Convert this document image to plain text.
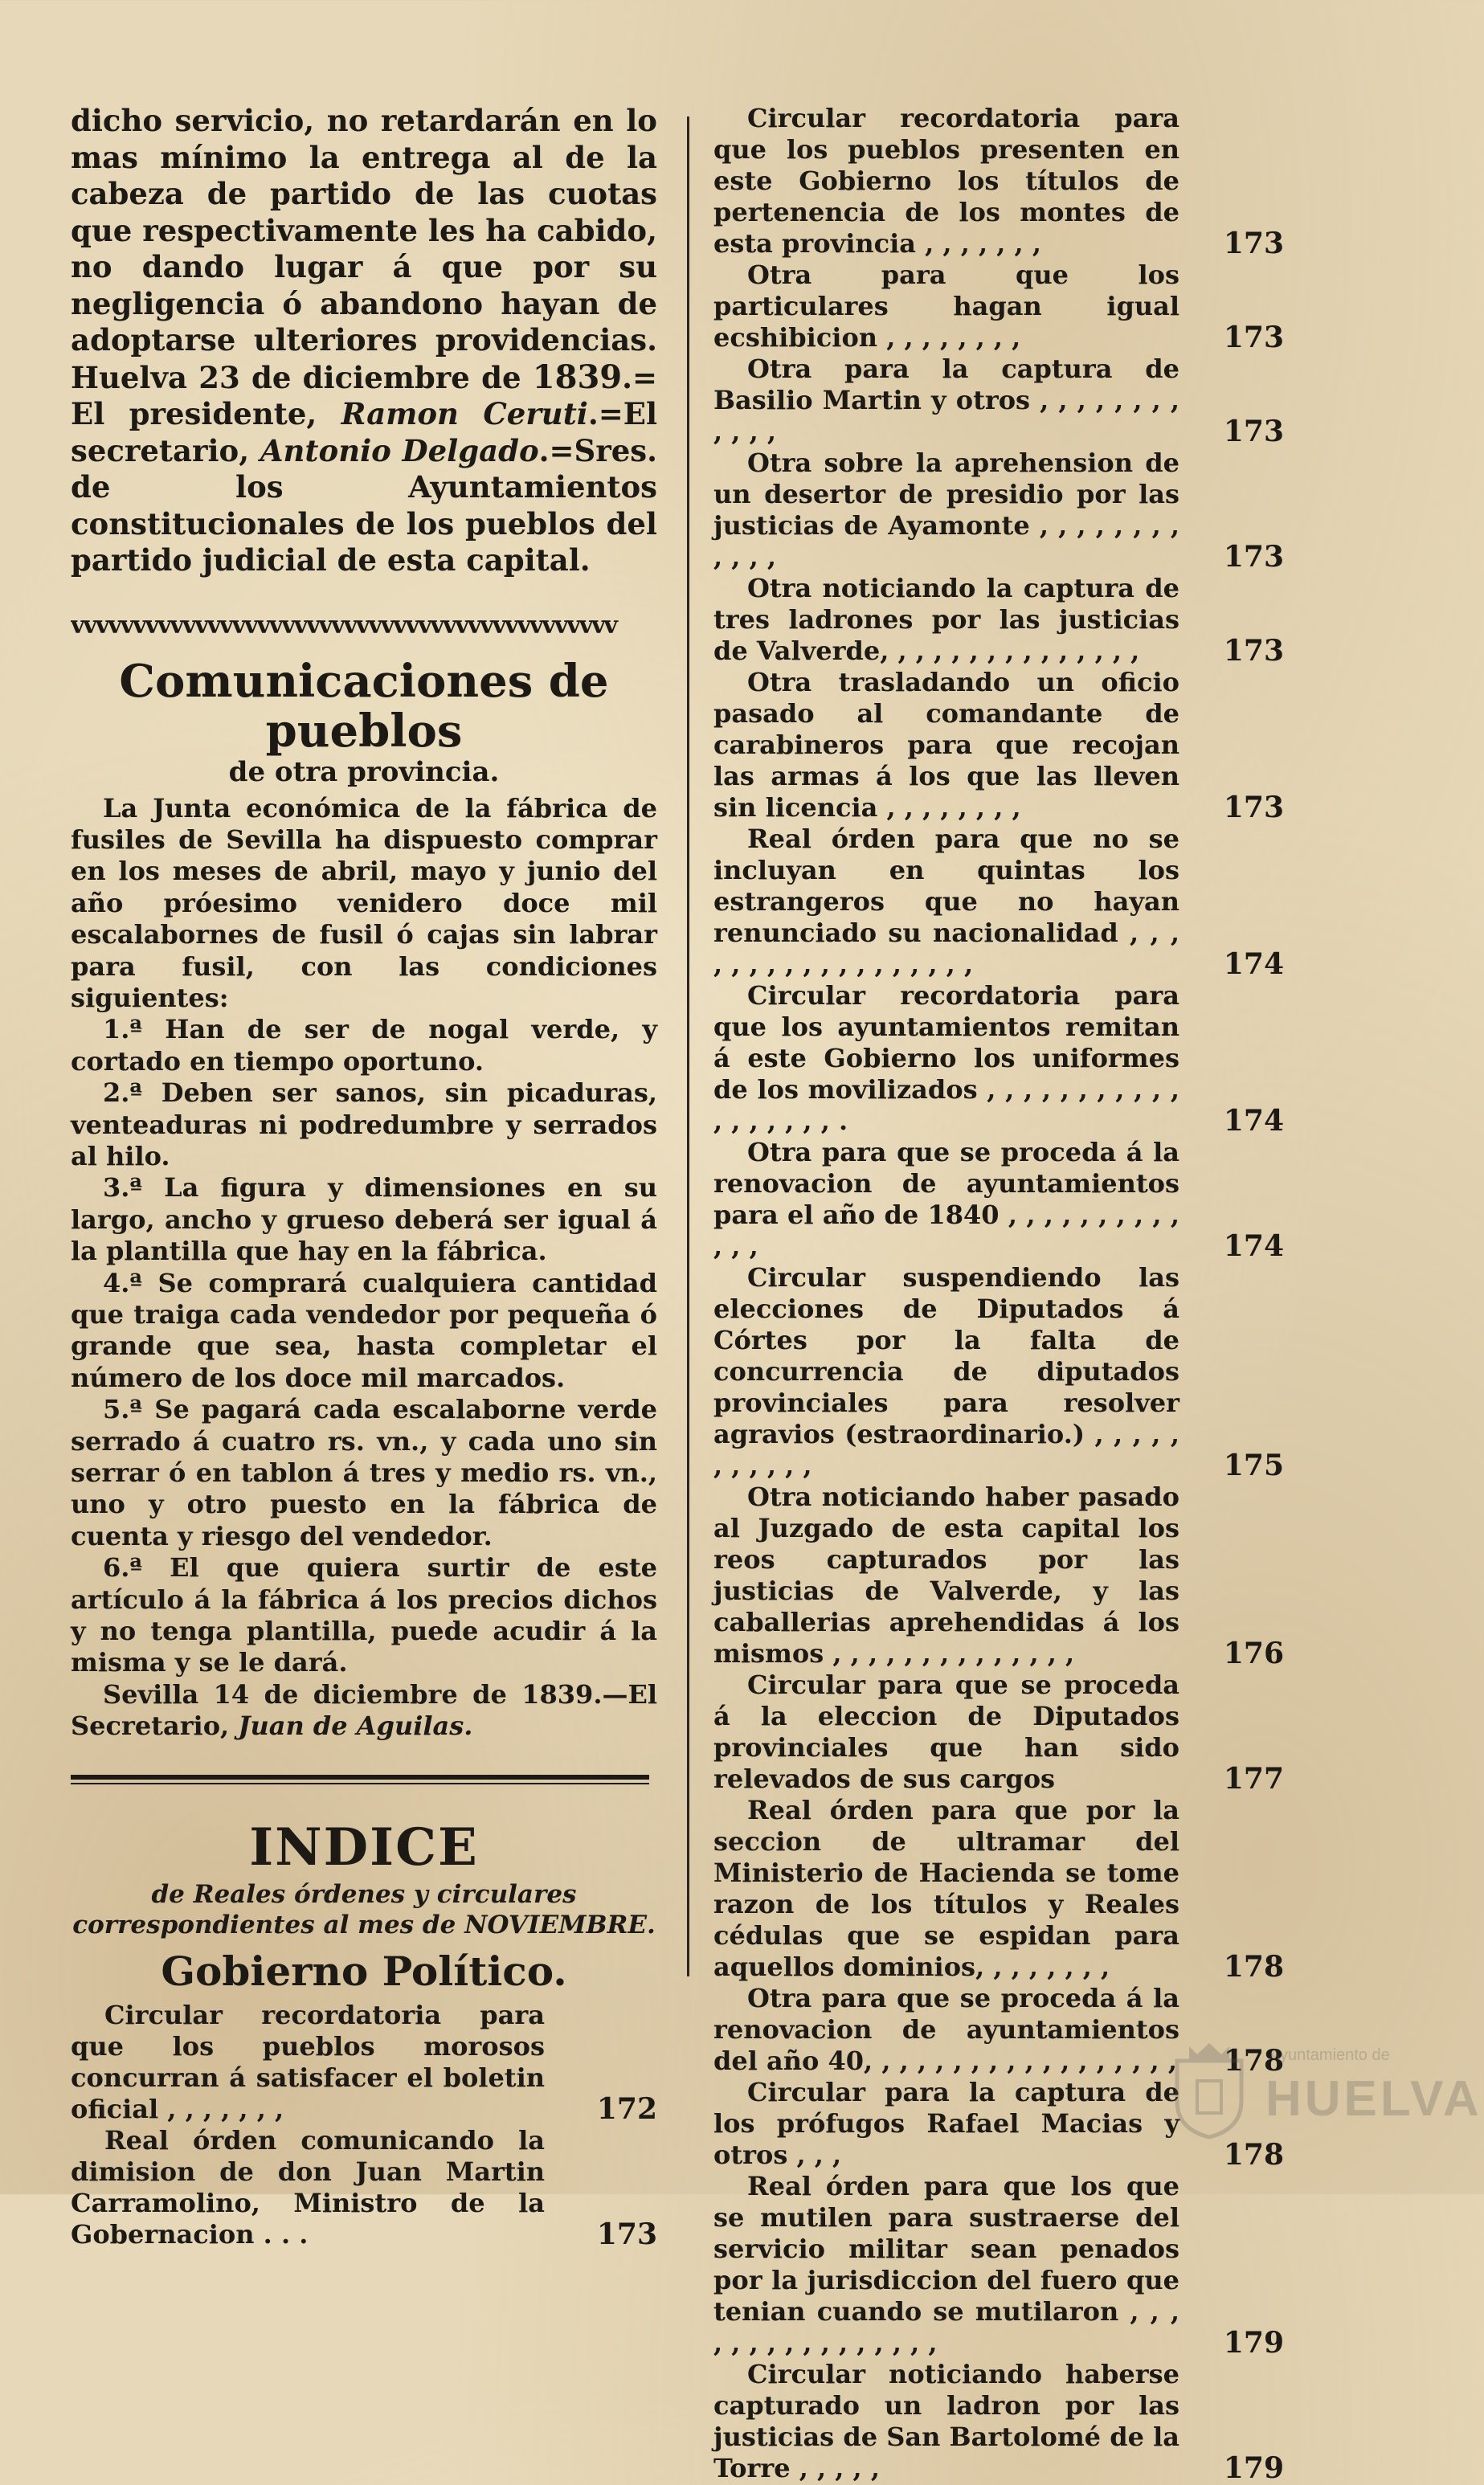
dicho servicio, no retardarán en lo mas mínimo la entrega al de la cabeza de partido de las cuotas que respectivamente les ha cabido, no dando lugar á que por su negligencia ó abandono hayan de adoptarse ulteriores providencias. Huelva 23 de diciembre de 1839.= El presidente, Ramon Ceruti.=El secretario, Antonio Delgado.=Sres. de los Ayuntamientos constitucionales de los pueblos del partido judicial de esta capital.

vvvvvvvvvvvvvvvvvvvvvvvvvvvvvvvvvvvvvvvvvvvv
Comunicaciones de pueblos

de otra provincia.

La Junta económica de la fábrica de fusiles de Sevilla ha dispuesto comprar en los meses de abril, mayo y junio del año próesimo venidero doce mil escalabornes de fusil ó cajas sin labrar para fusil, con las condiciones siguientes:

1.ª Han de ser de nogal verde, y cortado en tiempo oportuno.

2.ª Deben ser sanos, sin picaduras, venteaduras ni podredumbre y serrados al hilo.

3.ª La figura y dimensiones en su largo, ancho y grueso deberá ser igual á la plantilla que hay en la fábrica.

4.ª Se comprará cualquiera cantidad que traiga cada vendedor por pequeña ó grande que sea, hasta completar el número de los doce mil marcados.

5.ª Se pagará cada escalaborne verde serrado á cuatro rs. vn., y cada uno sin serrar ó en tablon á tres y medio rs. vn., uno y otro puesto en la fábrica de cuenta y riesgo del vendedor.

6.ª El que quiera surtir de este artículo á la fábrica á los precios dichos y no tenga plantilla, puede acudir á la misma y se le dará.

Sevilla 14 de diciembre de 1839.—El Secretario, Juan de Aguilas.

INDICE

de Reales órdenes y circulares correspondientes al mes de NOVIEMBRE.

Gobierno Político.
Circular recordatoria para que los pueblos morosos concurran á satisfacer el boletin oficial , , , , , , ,	172
Real órden comunicando la dimision de don Juan Martin Carramolino, Ministro de la Gobernacion . . .	173
Circular recordatoria para que los pueblos presenten en este Gobierno los títulos de pertenencia de los montes de esta provincia , , , , , , ,	173
Otra para que los particulares hagan igual ecshibicion , , , , , , , ,	173
Otra para la captura de Basilio Martin y otros , , , , , , , , , , , ,	173
Otra sobre la aprehension de un desertor de presidio por las justicias de Ayamonte , , , , , , , , , , , ,	173
Otra noticiando la captura de tres ladrones por las justicias de Valverde, , , , , , , , , , , , , , ,	173
Otra trasladando un oficio pasado al comandante de carabineros para que recojan las armas á los que las lleven sin licencia , , , , , , , ,	173
Real órden para que no se incluyan en quintas los estrangeros que no hayan renunciado su nacionalidad , , , , , , , , , , , , , , , , , ,	174
Circular recordatoria para que los ayuntamientos remitan á este Gobierno los uniformes de los movilizados , , , , , , , , , , , , , , , , , , .	174
Otra para que se proceda á la renovacion de ayuntamientos para el año de 1840 , , , , , , , , , , , , ,	174
Circular suspendiendo las elecciones de Diputados á Córtes por la falta de concurrencia de diputados provinciales para resolver agravios (estraordinario.) , , , , , , , , , , ,	175
Otra noticiando haber pasado al Juzgado de esta capital los reos capturados por las justicias de Valverde, y las caballerias aprehendidas á los mismos , , , , , , , , , , , , , ,	176
Circular para que se proceda á la eleccion de Diputados provinciales que han sido relevados de sus cargos	177
Real órden para que por la seccion de ultramar del Ministerio de Hacienda se tome razon de los títulos y Reales cédulas que se espidan para aquellos dominios, , , , , , , ,	178
Otra para que se proceda á la renovacion de ayuntamientos del año 40, , , , , , , , , , , , , , , , , , 178
Circular para la captura de los prófugos Rafael Macias y otros , , ,	178
Real órden para que los que se mutilen para sustraerse del servicio militar sean penados por la jurisdiccion del fuero que tenian cuando se mutilaron , , , , , , , , , , , , , , , ,	179
Circular noticiando haberse capturado un ladron por las justicias de San Bartolomé de la Torre , , , , ,	179
Ayuntamiento de
HUELVA
